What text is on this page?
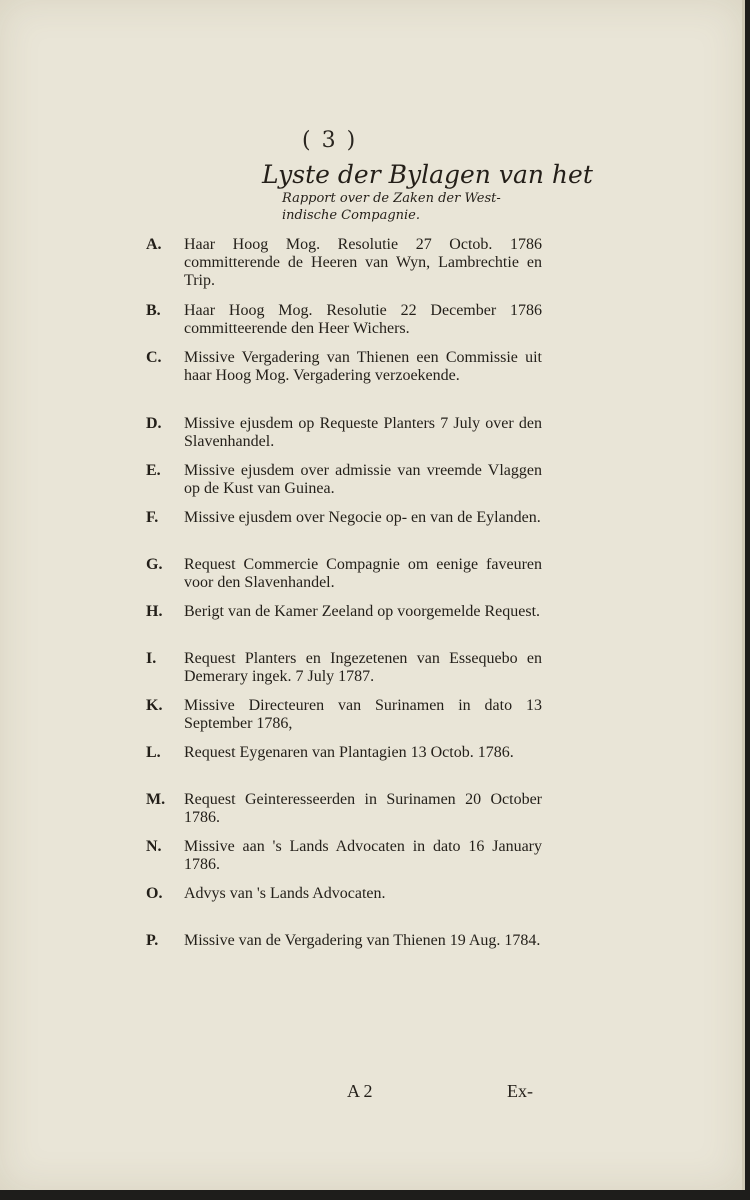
( 3 )
Lyste der Bylagen van het
Rapport over de Zaken der West-indische Compagnie.
A. Haar Hoog Mog. Resolutie 27 Octob. 1786 committerende de Heeren van Wyn, Lambrechtie en Trip.
B. Haar Hoog Mog. Resolutie 22 December 1786 committeerende den Heer Wichers.
C. Missive Vergadering van Thienen een Commissie uit haar Hoog Mog. Vergadering verzoekende.
D. Missive ejusdem op Requeste Planters 7 July over den Slavenhandel.
E. Missive ejusdem over admissie van vreemde Vlaggen op de Kust van Guinea.
F. Missive ejusdem over Negocie op- en van de Eylanden.
G. Request Commercie Compagnie om eenige faveuren voor den Slavenhandel.
H. Berigt van de Kamer Zeeland op voorgemelde Request.
I. Request Planters en Ingezetenen van Essequebo en Demerary ingek. 7 July 1787.
K. Missive Directeuren van Surinamen in dato 13 September 1786,
L. Request Eygenaren van Plantagien 13 Octob. 1786.
M. Request Geinteresseerden in Surinamen 20 October 1786.
N. Missive aan 's Lands Advocaten in dato 16 January 1786.
O. Advys van 's Lands Advocaten.
P. Missive van de Vergadering van Thienen 19 Aug. 1784.
A 2	Ex-
